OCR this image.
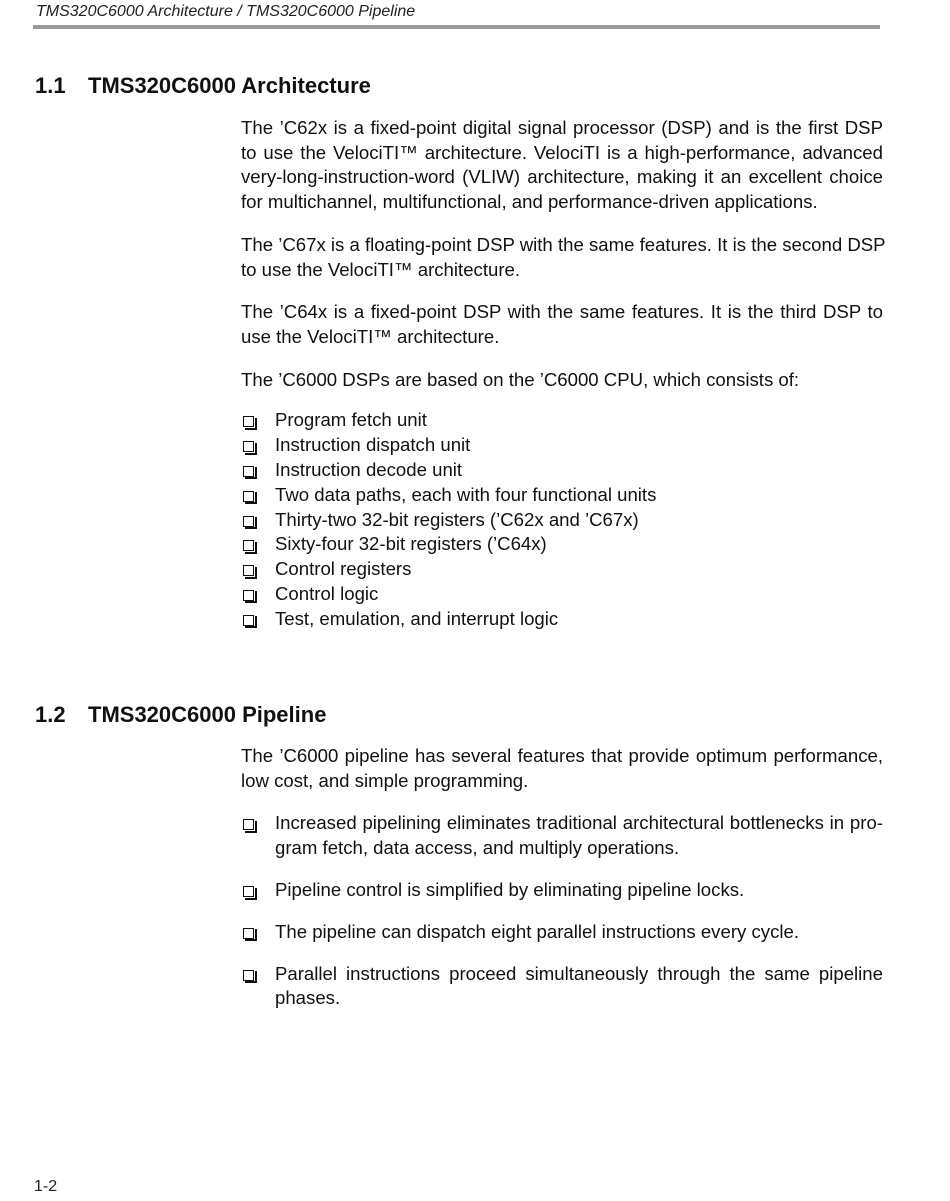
TMS320C6000 Architecture / TMS320C6000 Pipeline
1.1 TMS320C6000 Architecture

The ’C62x is a fixed-point digital signal processor (DSP) and is the first DSP
to use the VelociTI™ architecture. VelociTI is a high-performance, advanced
very-long-instruction-word (VLIW) architecture, making it an excellent choice
for multichannel, multifunctional, and performance-driven applications.

The ’C67x is a floating-point DSP with the same features. It is the second DSP
to use the VelociTI™ architecture.

The ’C64x is a fixed-point DSP with the same features. It is the third DSP to
use the VelociTI™ architecture.

The ’C6000 DSPs are based on the ’C6000 CPU, which consists of:

Program fetch unit
Instruction dispatch unit
Instruction decode unit
Two data paths, each with four functional units
Thirty-two 32-bit registers (’C62x and ’C67x)
Sixty-four 32-bit registers (’C64x)
Control registers
Control logic
Test, emulation, and interrupt logic
1.2 TMS320C6000 Pipeline

The ’C6000 pipeline has several features that provide optimum performance,
low cost, and simple programming.

Increased pipelining eliminates traditional architectural bottlenecks in pro-
gram fetch, data access, and multiply operations.
Pipeline control is simplified by eliminating pipeline locks.
The pipeline can dispatch eight parallel instructions every cycle.
Parallel instructions proceed simultaneously through the same pipeline
phases.
1-2
